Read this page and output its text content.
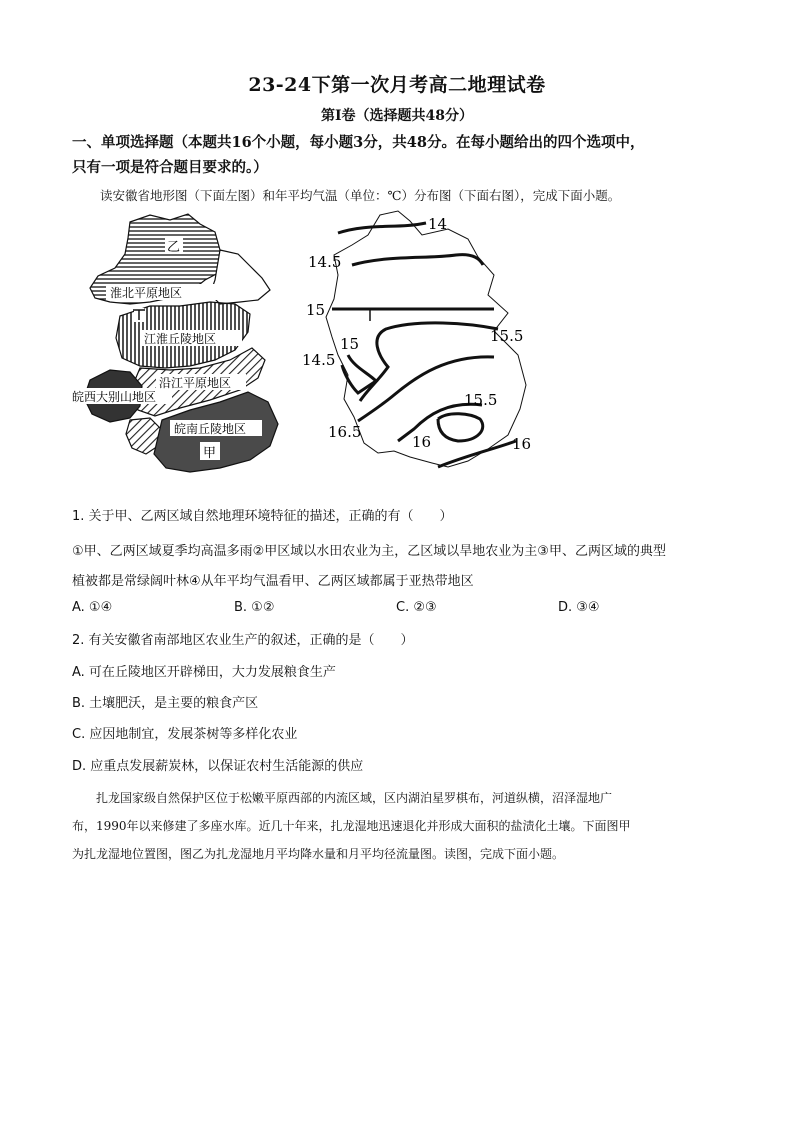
23-24下第一次月考高二地理试卷
第I卷（选择题共48分）
一、单项选择题（本题共16个小题，每小题3分，共48分。在每小题给出的四个选项中，
只有一项是符合题目要求的。）
读安徽省地形图（下面左图）和年平均气温（单位：℃）分布图（下面右图），完成下面小题。
乙
淮北平原地区
江淮丘陵地区
沿江平原地区
皖西大别山地区
皖南丘陵地区
甲
14
14.5
15
15
14.5
15.5
15.5
16.5
16	16
1. 关于甲、乙两区域自然地理环境特征的描述，正确的有（　　）
①甲、乙两区域夏季均高温多雨②甲区域以水田农业为主，乙区域以旱地农业为主③甲、乙两区域的典型
植被都是常绿阔叶林④从年平均气温看甲、乙两区域都属于亚热带地区
A. ①④	B. ①②	C. ②③	D. ③④
2. 有关安徽省南部地区农业生产的叙述，正确的是（　　）
A. 可在丘陵地区开辟梯田，大力发展粮食生产
B. 土壤肥沃，是主要的粮食产区
C. 应因地制宜，发展茶树等多样化农业
D. 应重点发展薪炭林，以保证农村生活能源的供应
扎龙国家级自然保护区位于松嫩平原西部的内流区域，区内湖泊星罗棋布，河道纵横，沼泽湿地广
布，1990年以来修建了多座水库。近几十年来，扎龙湿地迅速退化并形成大面积的盐渍化土壤。下面图甲
为扎龙湿地位置图，图乙为扎龙湿地月平均降水量和月平均径流量图。读图，完成下面小题。
